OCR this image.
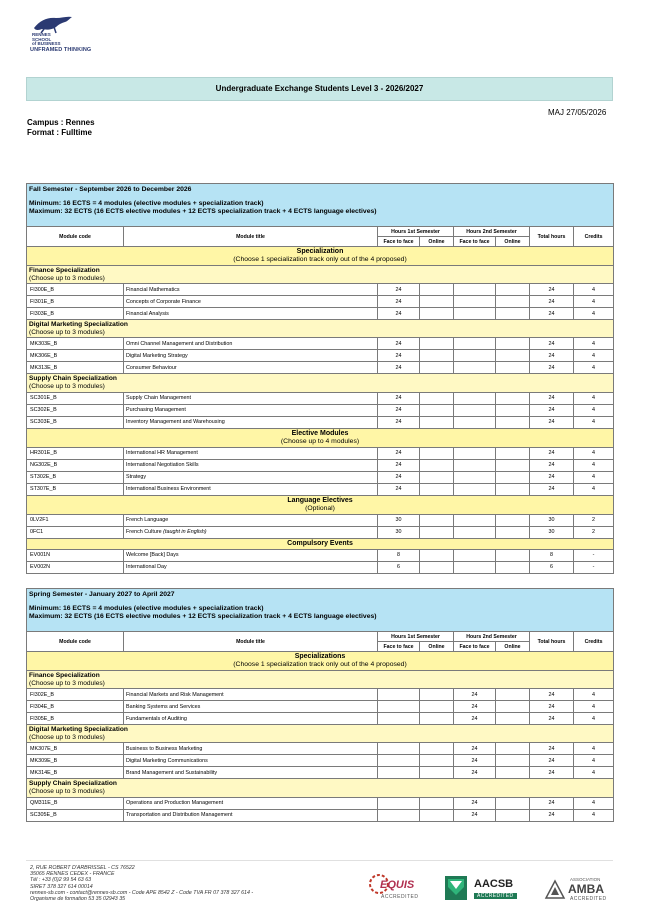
RENNES
SCHOOL
of BUSINESS
UNFRAMED THINKING
Undergraduate Exchange Students Level 3 - 2026/2027
MAJ 27/05/2026
Campus : Rennes
Format : Fulltime
Fall Semester - September 2026 to December 2026
Minimum: 16 ECTS = 4 modules (elective modules + specialization track)
Maximum: 32 ECTS (16 ECTS elective modules + 12 ECTS specialization track + 4 ECTS language electives)							

Module code	Module title	Hours 1st Semester		Hours 2nd Semester		Total hours	Credits
		Face to face	Online	Face to face	Online		
Specialization
(Choose 1 specialization track only out of the 4 proposed)							
Finance Specialization
(Choose up to 3 modules)							
FI300E_B	Financial Mathematics	24				24	4
FI301E_B	Concepts of Corporate Finance	24				24	4
FI303E_B	Financial Analysis	24				24	4
Digital Marketing Specialization
(Choose up to 3 modules)							
MK303E_B	Omni Channel Management and Distribution	24				24	4
MK306E_B	Digital Marketing Strategy	24				24	4
MK313E_B	Consumer Behaviour	24				24	4
Supply Chain Specialization
(Choose up to 3 modules)							
SC301E_B	Supply Chain Management	24				24	4
SC302E_B	Purchasing Management	24				24	4
SC303E_B	Inventory Management and Warehousing	24				24	4
Elective Modules
(Choose up to 4 modules)							
HR301E_B	International HR Management	24				24	4
NG302E_B	International Negotiation Skills	24				24	4
ST302E_B	Strategy	24				24	4
ST307E_B	International Business Environment	24				24	4
Language Electives
(Optional)							
0LV2F1	French Language	30				30	2
0FC1	French Culture (taught in English)	30				30	2
Compulsory Events							
EV001N	Welcome [Back] Days	8				8	-
EV002N	International Day	6				6	-
Spring Semester - January 2027 to April 2027
Minimum: 16 ECTS = 4 modules (elective modules + specialization track)
Maximum: 32 ECTS (16 ECTS elective modules + 12 ECTS specialization track + 4 ECTS language electives)							

Module code	Module title	Hours 1st Semester		Hours 2nd Semester		Total hours	Credits
		Face to face	Online	Face to face	Online		
Specializations
(Choose 1 specialization track only out of the 4 proposed)							
Finance Specialization
(Choose up to 3 modules)							
FI302E_B	Financial Markets and Risk Management			24		24	4
FI304E_B	Banking Systems and Services			24		24	4
FI305E_B	Fundamentals of Auditing			24		24	4
Digital Marketing Specialization
(Choose up to 3 modules)							
MK307E_B	Business to Business Marketing			24		24	4
MK309E_B	Digital Marketing Communications			24		24	4
MK314E_B	Brand Management and Sustainability			24		24	4
Supply Chain Specialization
(Choose up to 3 modules)							
QM311E_B	Operations and Production Management			24		24	4
SC305E_B	Transportation and Distribution Management			24		24	4
2, RUE ROBERT D'ARBRISSEL - CS 76522
35065 RENNES CEDEX - FRANCE
Tél : +33 (0)2 99 54 63 63
SIRET 378 327 614 00014
rennes-sb.com - contact@rennes-sb.com - Code APE 8542 Z - Code TVA FR 07 378 327 614 -
Organisme de formation 53 35 02943 35
EQUIS
ACCREDITED
AACSB
ACCREDITED
ASSOCIATION
AMBA
ACCREDITED
